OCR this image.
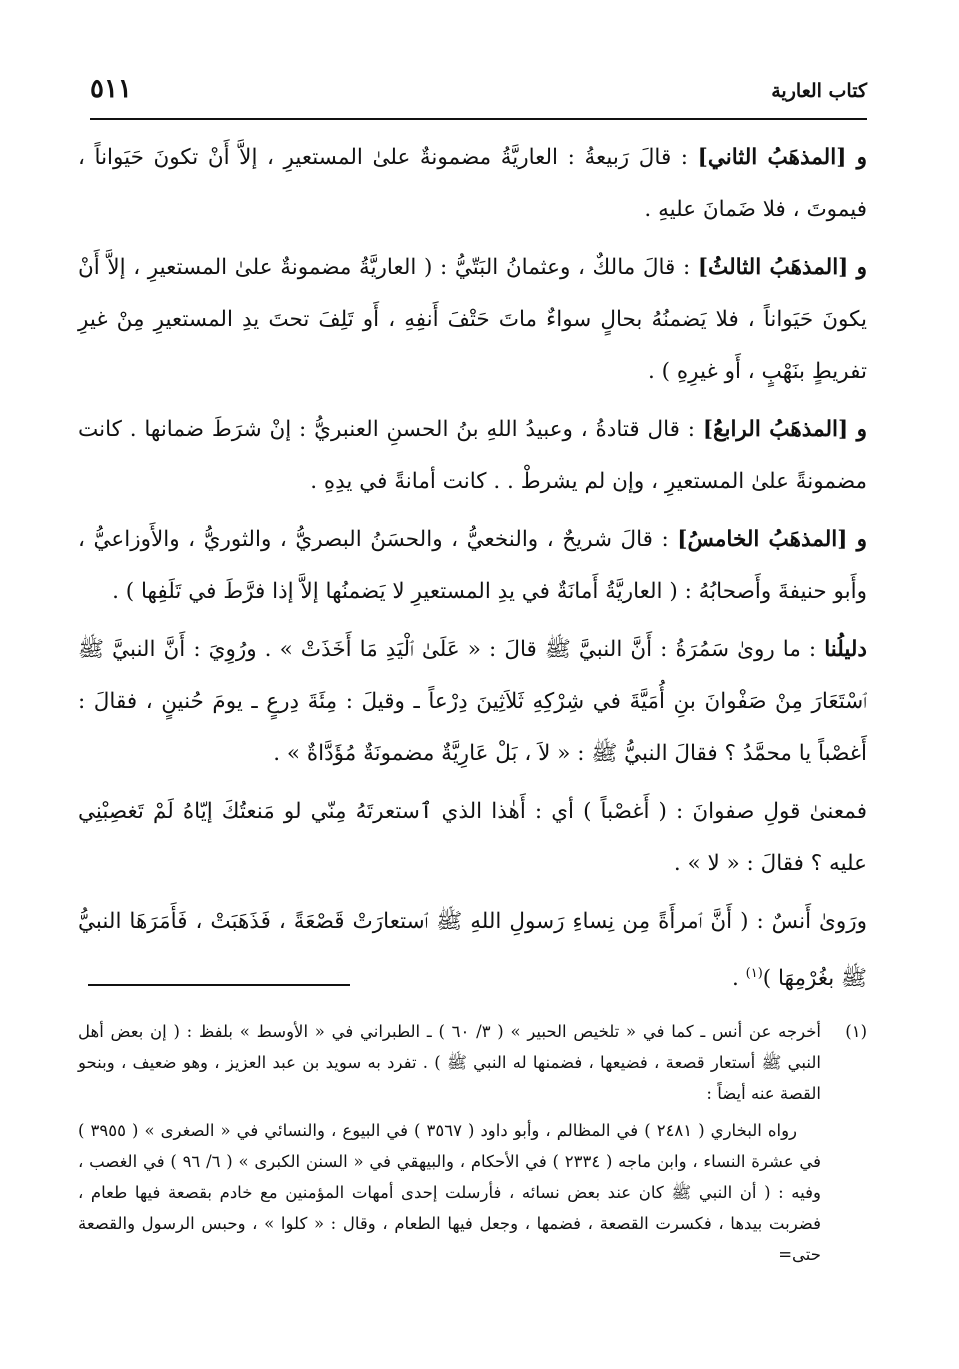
كتاب العارية
٥١١

و [المذهَبُ الثاني] : قالَ رَبيعةُ : العاريَّةُ مضمونةٌ علىٰ المستعيرِ ، إلاَّ أَنْ تكونَ حَيَواناً ، فيموتَ ، فلا ضَمانَ عليهِ .

و [المذهَبُ الثالثُ] : قالَ مالكٌ ، وعثمانُ البَتّيُّ : ( العاريَّةُ مضمونةٌ علىٰ المستعيرِ ، إلاَّ أَنْ يكونَ حَيَواناً ، فلا يَضمنُهُ بحالٍ سواءٌ ماتَ حَتْفَ أَنفِهِ ، أَو تَلِفَ تحتَ يدِ المستعيرِ مِنْ غيرِ تفريطٍ بنَهْبٍ ، أَو غيرِهِ ) .

و [المذهَبُ الرابعُ] : قال قتادةُ ، وعبيدُ اللهِ بنُ الحسنِ العنبريُّ : إنْ شرَطَ ضمانها . كانت مضمونةً علىٰ المستعيرِ ، وإن لم يشرطْ . . كانت أمانةً في يدِهِ .

و [المذهَبُ الخامسُ] : قالَ شريحٌ ، والنخعيُّ ، والحسَنُ البصريُّ ، والثوريُّ ، والأَوزاعيُّ ، وأَبو حنيفةَ وأَصحابُهُ : ( العاريَّةُ أَمانَةٌ في يدِ المستعيرِ لا يَضمنُها إلاَّ إذا فرَّطَ في تَلَفِها ) .

دليلُنا : ما روىٰ سَمُرَةُ : أَنَّ النبيَّ ﷺ قالَ : « عَلَىٰ ٱلْيَدِ مَا أَخَذَتْ » . ورُوِيَ : أَنَّ النبيَّ ﷺ ٱسْتَعَارَ مِنْ صَفْوانَ بنِ أُمَيَّةَ في شِرْكِهِ ثَلاَثِينَ دِرْعاً ـ وقيلَ : مِئَةَ دِرعٍ ـ يومَ حُنينٍ ، فقالَ : أَغصْباً يا محمَّدُ ؟ فقالَ النبيُّ ﷺ : « لاَ ، بَلْ عَارِيَّةٌ مضمونَةٌ مُؤَدَّاةٌ » .

فمعنىٰ قولِ صفوانَ : ( أَغصْباً ) أي : أَهٰذا الذي ٱستعرتَهُ مِنّي لو مَنعتُكَ إيّاهُ لَمْ تَغصِبْنِي عليه ؟ فقالَ : « لا » .

ورَوىٰ أَنسٌ : ( أَنَّ ٱمرأَةً مِن نِساءِ رَسولِ اللهِ ﷺ ٱستعارَتْ قَصْعَةً ، فَذَهَبَتْ ، فَأَمَرَهَا النبيُّ ﷺ بغُرْمِهَا )$^{(١)}$ .

(١)
أخرجه عن أنس ـ كما في « تلخيص الحبير » ( ٣/ ٦٠ ) ـ الطبراني في « الأوسط » بلفظ : ( إن بعض أهل النبي ﷺ أستعار قصعة ، فضيعها ، فضمنها له النبي ﷺ ) . تفرد به سويد بن عبد العزيز ، وهو ضعيف ، وبنحو القصة عنه أيضاً :

رواه البخاري ( ٢٤٨١ ) في المظالم ، وأبو داود ( ٣٥٦٧ ) في البيوع ، والنسائي في « الصغرى » ( ٣٩٥٥ ) في عشرة النساء ، وابن ماجه ( ٢٣٣٤ ) في الأحكام ، والبيهقي في « السنن الكبرى » ( ٦/ ٩٦ ) في الغصب ، وفيه : ( أن النبي ﷺ كان عند بعض نسائه ، فأرسلت إحدى أمهات المؤمنين مع خادم بقصعة فيها طعام ، فضربت بيدها ، فكسرت القصعة ، فضمها ، وجعل فيها الطعام ، وقال : « كلوا » ، وحبس الرسول والقصعة حتى=
